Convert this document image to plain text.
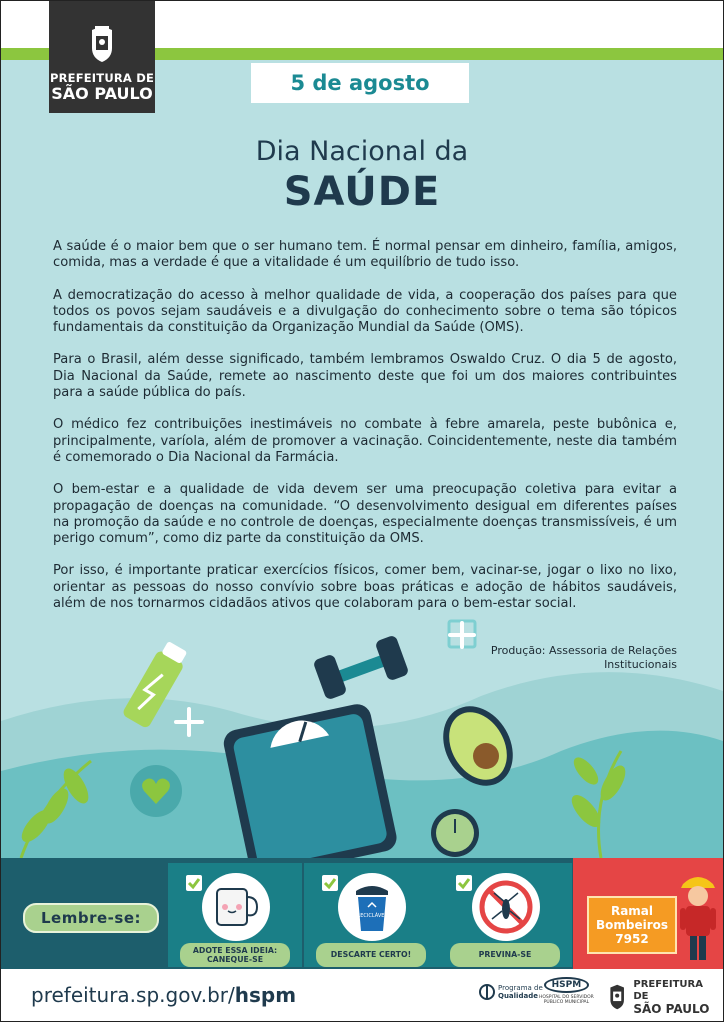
PREFEITURA DE
SÃO PAULO	5 de agosto
Dia Nacional da
SAÚDE

A saúde é o maior bem que o ser humano tem. É normal pensar em dinheiro, família, amigos, comida, mas a verdade é que a vitalidade é um equilíbrio de tudo isso.

A democratização do acesso à melhor qualidade de vida, a cooperação dos países para que todos os povos sejam saudáveis e a divulgação do conhecimento sobre o tema são tópicos fundamentais da constituição da Organização Mundial da Saúde (OMS).

Para o Brasil, além desse significado, também lembramos Oswaldo Cruz. O dia 5 de agosto, Dia Nacional da Saúde, remete ao nascimento deste que foi um dos maiores contribuintes para a saúde pública do país.

O médico fez contribuições inestimáveis no combate à febre amarela, peste bubônica e, principalmente, varíola, além de promover a vacinação. Coincidentemente, neste dia também é comemorado o Dia Nacional da Farmácia.

O bem-estar e a qualidade de vida devem ser uma preocupação coletiva para evitar a propagação de doenças na comunidade. “O desenvolvimento desigual em diferentes países na promoção da saúde e no controle de doenças, especialmente doenças transmissíveis, é um perigo comum”, como diz parte da constituição da OMS.

Por isso, é importante praticar exercícios físicos, comer bem, vacinar-se, jogar o lixo no lixo, orientar as pessoas do nosso convívio sobre boas práticas e adoção de hábitos saudáveis, além de nos tornarmos cidadãos ativos que colaboram para o bem-estar social.

Produção: Assessoria de Relações
Institucionais
Lembre-se:
ADOTE ESSA IDEIA:
CANEQUE-SE
RECICLÁVEL
DESCARTE CERTO!	PREVINA-SE
Ramal
Bombeiros
7952
prefeitura.sp.gov.br/hspm	Programa de
Qualidade
HSPM
HOSPITAL DO SERVIDOR
PÚBLICO MUNICIPAL
PREFEITURA DE
SÃO PAULO
